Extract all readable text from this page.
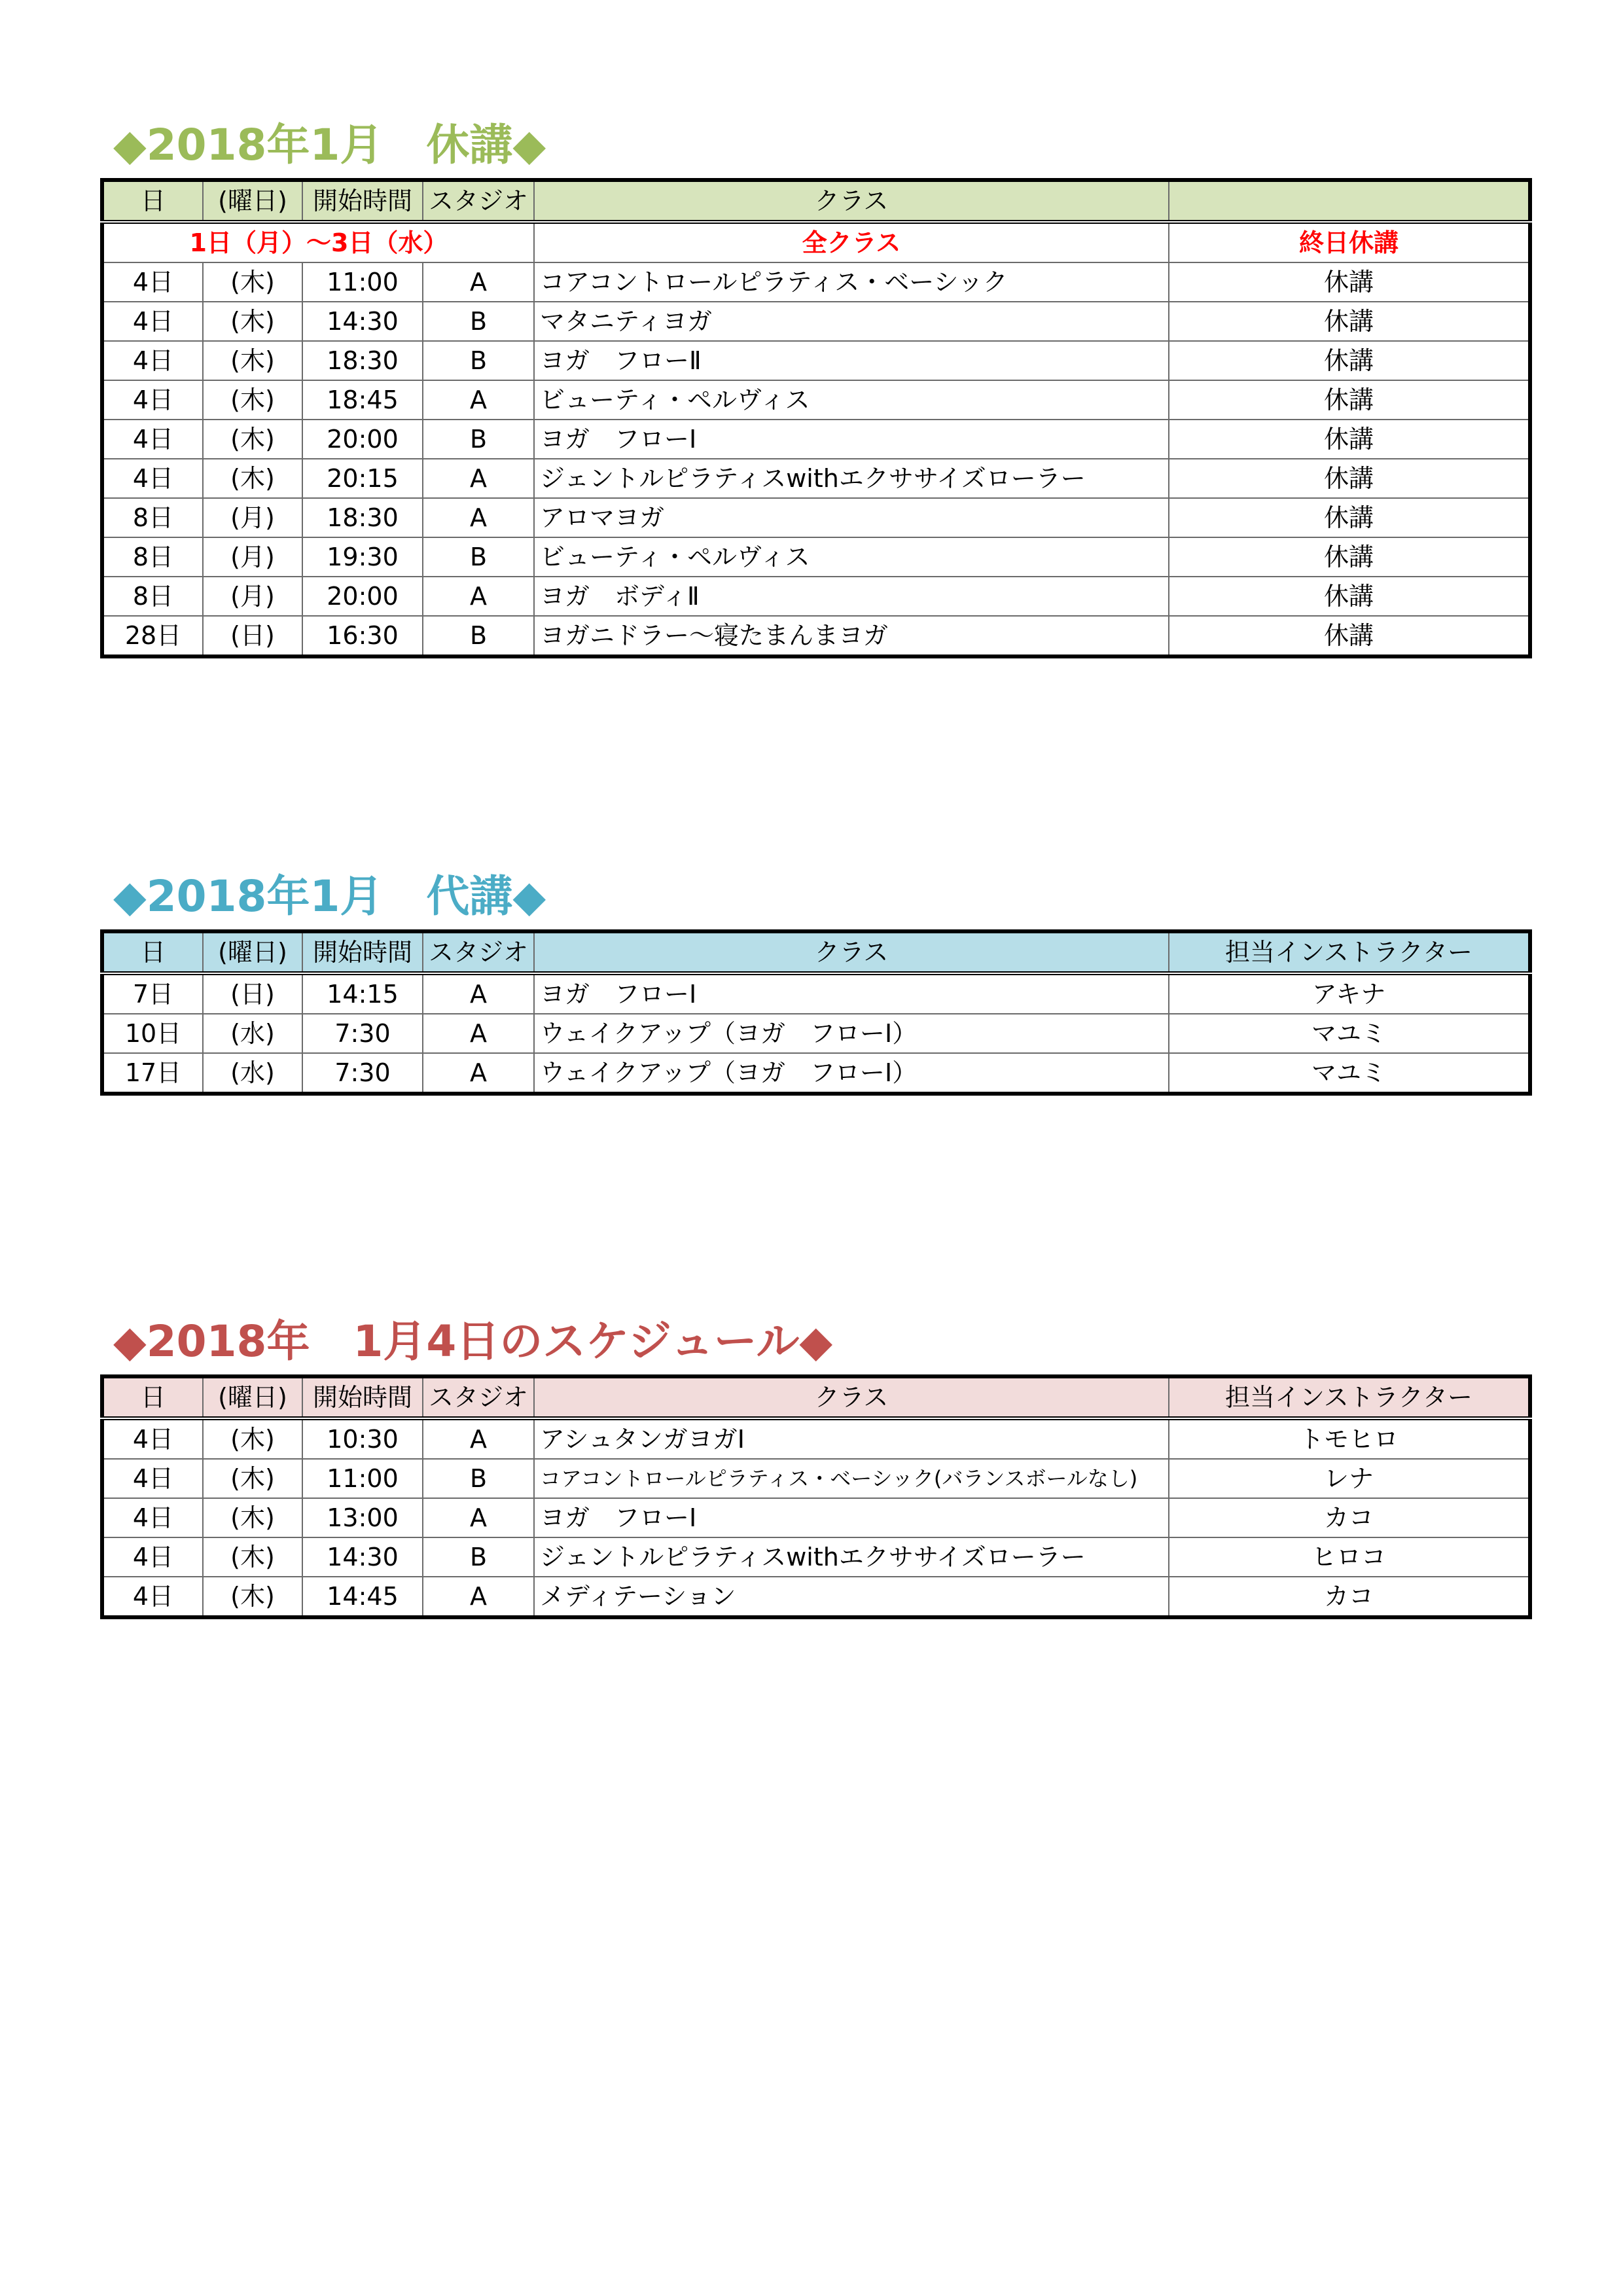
◆2018年1月　休講◆
日	(曜日)	開始時間	スタジオ	クラス	
1日（月）～3日（水）				全クラス	終日休講
4日	(木)	11:00	A	コアコントロールピラティス・ベーシック	休講
4日	(木)	14:30	B	マタニティヨガ	休講
4日	(木)	18:30	B	ヨガ　フローⅡ	休講
4日	(木)	18:45	A	ビューティ・ペルヴィス	休講
4日	(木)	20:00	B	ヨガ　フローⅠ	休講
4日	(木)	20:15	A	ジェントルピラティスwithエクササイズローラー	休講
8日	(月)	18:30	A	アロマヨガ	休講
8日	(月)	19:30	B	ビューティ・ペルヴィス	休講
8日	(月)	20:00	A	ヨガ　ボディⅡ	休講
28日	(日)	16:30	B	ヨガニドラー～寝たまんまヨガ	休講
◆2018年1月　代講◆
日	(曜日)	開始時間	スタジオ	クラス	担当インストラクター
7日	(日)	14:15	A	ヨガ　フローⅠ	アキナ
10日	(水)	7:30	A	ウェイクアップ（ヨガ　フローⅠ）	マユミ
17日	(水)	7:30	A	ウェイクアップ（ヨガ　フローⅠ）	マユミ
◆2018年　1月4日のスケジュール◆
日	(曜日)	開始時間	スタジオ	クラス	担当インストラクター
4日	(木)	10:30	A	アシュタンガヨガⅠ	トモヒロ
4日	(木)	11:00	B	コアコントロールピラティス・ベーシック(バランスボールなし)	レナ
4日	(木)	13:00	A	ヨガ　フローⅠ	カコ
4日	(木)	14:30	B	ジェントルピラティスwithエクササイズローラー	ヒロコ
4日	(木)	14:45	A	メディテーション	カコ
